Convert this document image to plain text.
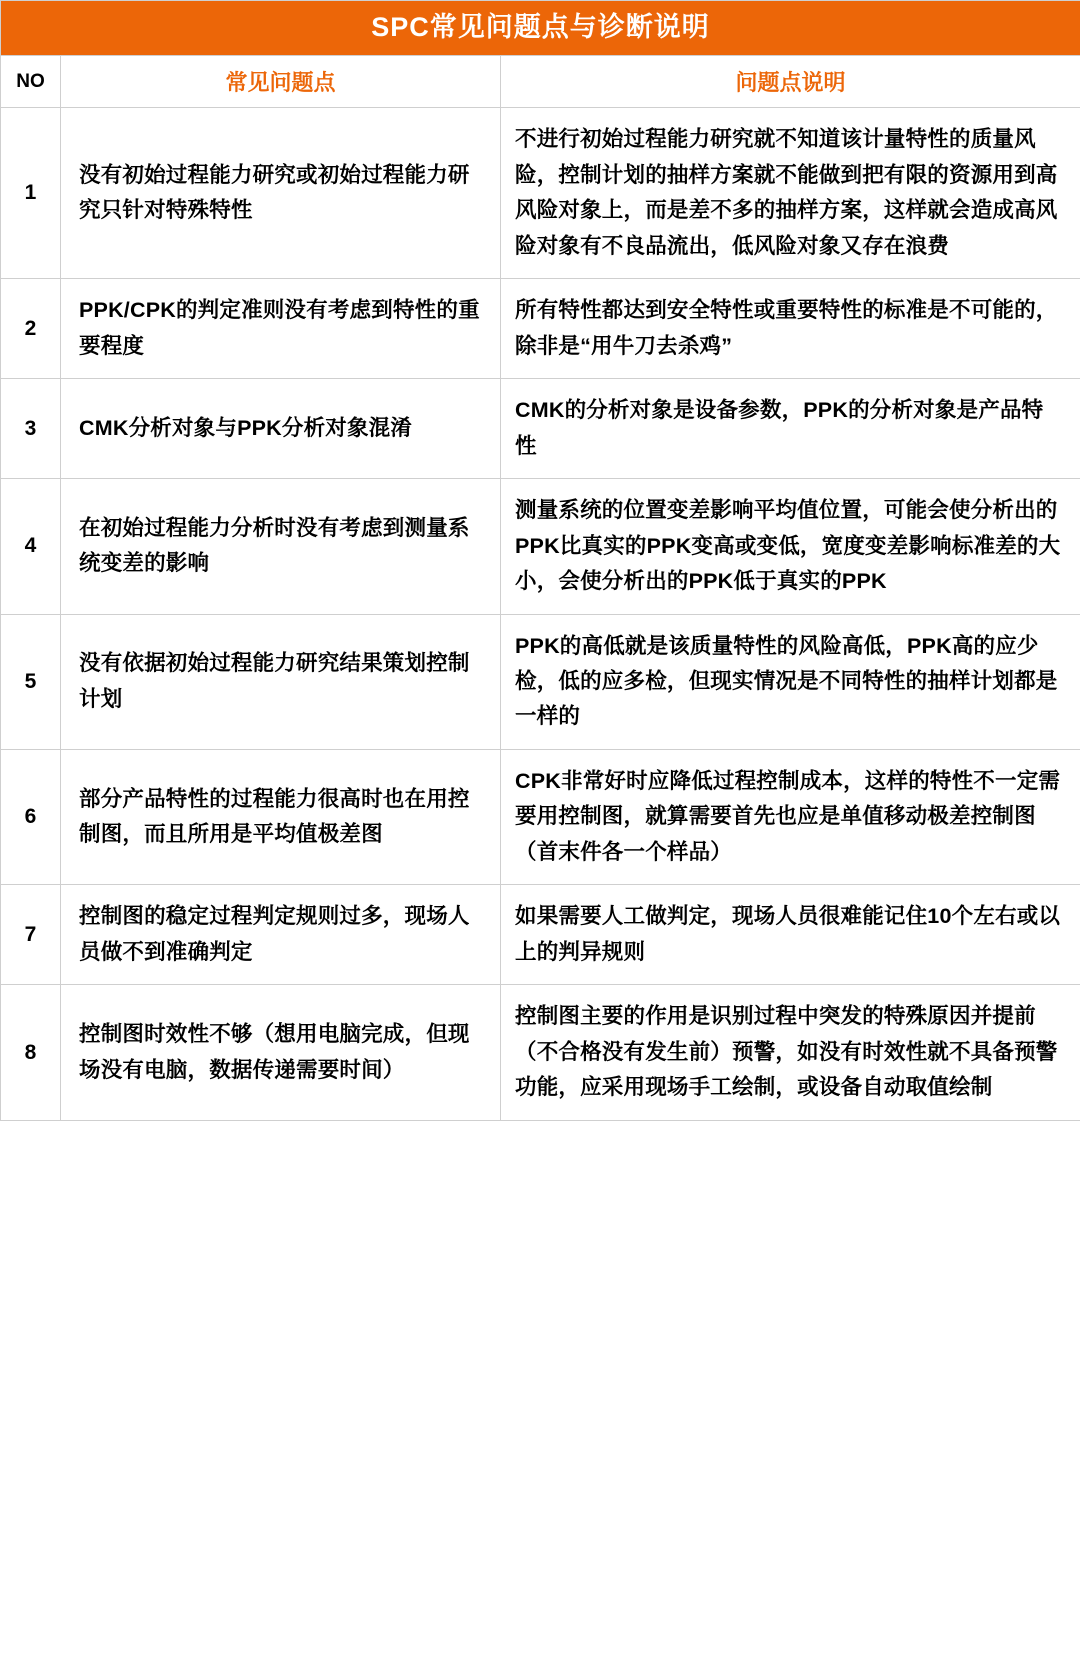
SPC常见问题点与诊断说明		
NO	常见问题点	问题点说明
1	没有初始过程能力研究或初始过程能力研究只针对特殊特性	不进行初始过程能力研究就不知道该计量特性的质量风险，控制计划的抽样方案就不能做到把有限的资源用到高风险对象上，而是差不多的抽样方案，这样就会造成高风险对象有不良品流出，低风险对象又存在浪费
2	PPK/CPK的判定准则没有考虑到特性的重要程度	所有特性都达到安全特性或重要特性的标准是不可能的，除非是“用牛刀去杀鸡”
3	CMK分析对象与PPK分析对象混淆	CMK的分析对象是设备参数，PPK的分析对象是产品特性
4	在初始过程能力分析时没有考虑到测量系统变差的影响	测量系统的位置变差影响平均值位置，可能会使分析出的PPK比真实的PPK变高或变低，宽度变差影响标准差的大小，会使分析出的PPK低于真实的PPK
5	没有依据初始过程能力研究结果策划控制计划	PPK的高低就是该质量特性的风险高低，PPK高的应少检，低的应多检，但现实情况是不同特性的抽样计划都是一样的
6	部分产品特性的过程能力很高时也在用控制图，而且所用是平均值极差图	CPK非常好时应降低过程控制成本，这样的特性不一定需要用控制图，就算需要首先也应是单值移动极差控制图（首末件各一个样品）
7	控制图的稳定过程判定规则过多，现场人员做不到准确判定	如果需要人工做判定，现场人员很难能记住10个左右或以上的判异规则
8	控制图时效性不够（想用电脑完成，但现场没有电脑，数据传递需要时间）	控制图主要的作用是识别过程中突发的特殊原因并提前（不合格没有发生前）预警，如没有时效性就不具备预警功能，应采用现场手工绘制，或设备自动取值绘制
